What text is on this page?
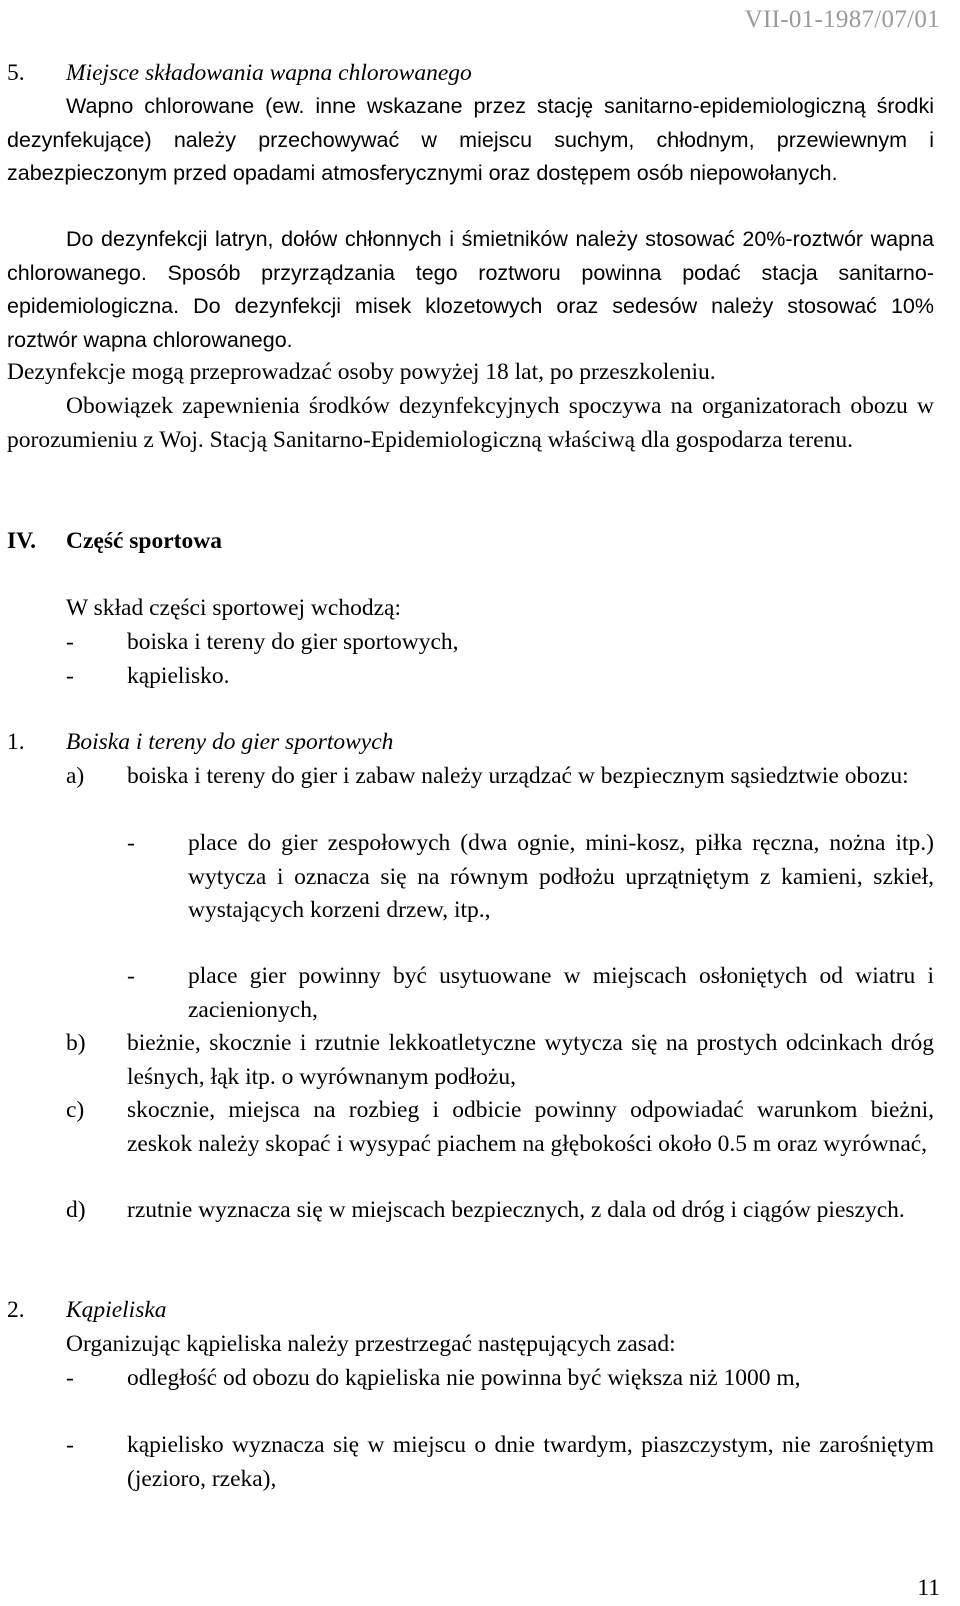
VII-01-1987/07/01
5. Miejsce składowania wapna chlorowanego
Wapno chlorowane (ew. inne wskazane przez stację sanitarno-epidemiologiczną środki dezynfekujące) należy przechowywać w miejscu suchym, chłodnym, przewiewnym i zabezpieczonym przed opadami atmosferycznymi oraz dostępem osób niepowołanych.
Do dezynfekcji latryn, dołów chłonnych i śmietników należy stosować 20%-roztwór wapna chlorowanego. Sposób przyrządzania tego roztworu powinna podać stacja sanitarno-epidemiologiczna. Do dezynfekcji misek klozetowych oraz sedesów należy stosować 10% roztwór wapna chlorowanego.
Dezynfekcje mogą przeprowadzać osoby powyżej 18 lat, po przeszkoleniu.
Obowiązek zapewnienia środków dezynfekcyjnych spoczywa na organizatorach obozu w porozumieniu z Woj. Stacją Sanitarno-Epidemiologiczną właściwą dla gospodarza terenu.
IV. Część sportowa
W skład części sportowej wchodzą:
- boiska i tereny do gier sportowych,
- kąpielisko.
1. Boiska i tereny do gier sportowych
a) boiska i tereny do gier i zabaw należy urządzać w bezpiecznym sąsiedztwie obozu:
- place do gier zespołowych (dwa ognie, mini-kosz, piłka ręczna, nożna itp.) wytycza i oznacza się na równym podłożu uprzątniętym z kamieni, szkieł, wystających korzeni drzew, itp.,
- place gier powinny być usytuowane w miejscach osłoniętych od wiatru i zacienionych,
b) bieżnie, skocznie i rzutnie lekkoatletyczne wytycza się na prostych odcinkach dróg leśnych, łąk itp. o wyrównanym podłożu,
c) skocznie, miejsca na rozbieg i odbicie powinny odpowiadać warunkom bieżni, zeskok należy skopać i wysypać piachem na głębokości około 0.5 m oraz wyrównać,
d) rzutnie wyznacza się w miejscach bezpiecznych, z dala od dróg i ciągów pieszych.
2. Kąpieliska
Organizując kąpieliska należy przestrzegać następujących zasad:
- odległość od obozu do kąpieliska nie powinna być większa niż 1000 m,
- kąpielisko wyznacza się w miejscu o dnie twardym, piaszczystym, nie zarośniętym (jezioro, rzeka),
11
